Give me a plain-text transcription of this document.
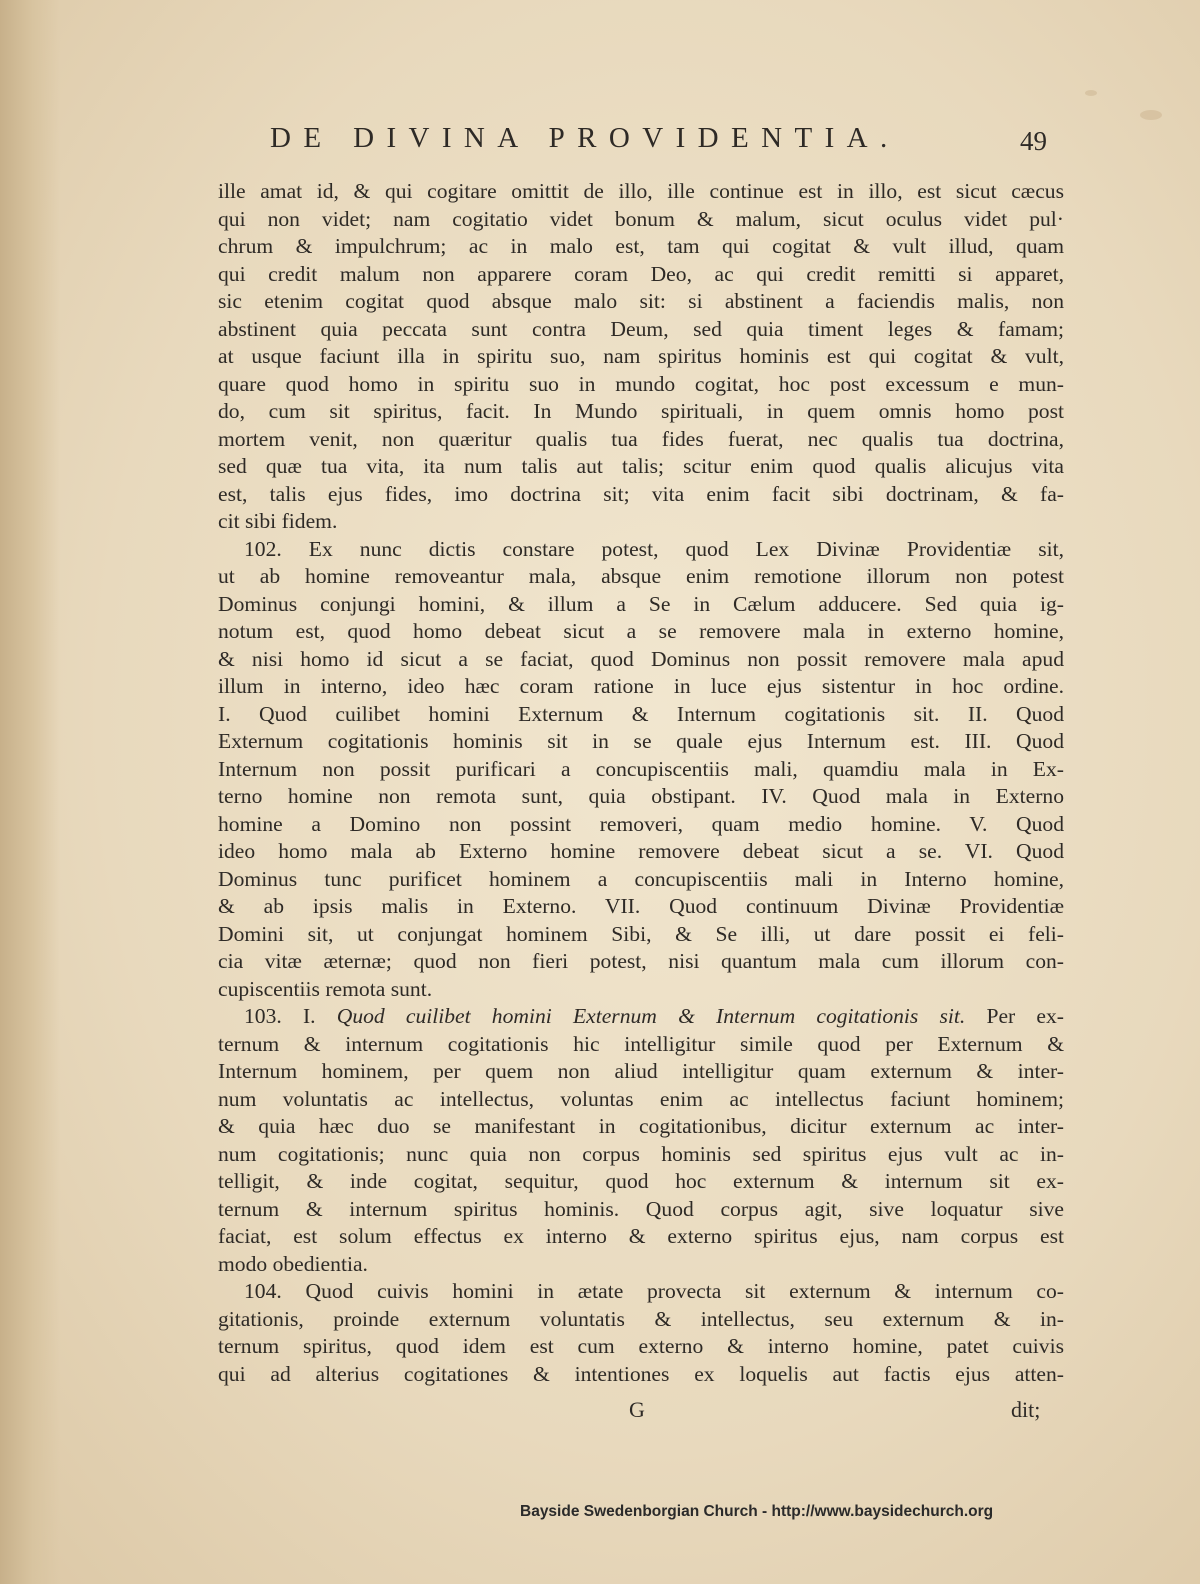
DE DIVINA PROVIDENTIA.	49
ille amat id, & qui cogitare omittit de illo, ille continue est in illo, est sicut cæcus
qui non videt; nam cogitatio videt bonum & malum, sicut oculus videt pul·
chrum & impulchrum; ac in malo est, tam qui cogitat & vult illud, quam
qui credit malum non apparere coram Deo, ac qui credit remitti si apparet,
sic etenim cogitat quod absque malo sit: si abstinent a faciendis malis, non
abstinent quia peccata sunt contra Deum, sed quia timent leges & famam;
at usque faciunt illa in spiritu suo, nam spiritus hominis est qui cogitat & vult,
quare quod homo in spiritu suo in mundo cogitat, hoc post excessum e mun-
do, cum sit spiritus, facit. In Mundo spirituali, in quem omnis homo post
mortem venit, non quæritur qualis tua fides fuerat, nec qualis tua doctrina,
sed quæ tua vita, ita num talis aut talis; scitur enim quod qualis alicujus vita
est, talis ejus fides, imo doctrina sit; vita enim facit sibi doctrinam, & fa-
cit sibi fidem.
102. Ex nunc dictis constare potest, quod Lex Divinæ Providentiæ sit,
ut ab homine removeantur mala, absque enim remotione illorum non potest
Dominus conjungi homini, & illum a Se in Cælum adducere. Sed quia ig-
notum est, quod homo debeat sicut a se removere mala in externo homine,
& nisi homo id sicut a se faciat, quod Dominus non possit removere mala apud
illum in interno, ideo hæc coram ratione in luce ejus sistentur in hoc ordine.
I. Quod cuilibet homini Externum & Internum cogitationis sit. II. Quod
Externum cogitationis hominis sit in se quale ejus Internum est. III. Quod
Internum non possit purificari a concupiscentiis mali, quamdiu mala in Ex-
terno homine non remota sunt, quia obstipant. IV. Quod mala in Externo
homine a Domino non possint removeri, quam medio homine. V. Quod
ideo homo mala ab Externo homine removere debeat sicut a se. VI. Quod
Dominus tunc purificet hominem a concupiscentiis mali in Interno homine,
& ab ipsis malis in Externo. VII. Quod continuum Divinæ Providentiæ
Domini sit, ut conjungat hominem Sibi, & Se illi, ut dare possit ei feli-
cia vitæ æternæ; quod non fieri potest, nisi quantum mala cum illorum con-
cupiscentiis remota sunt.
103. I. Quod cuilibet homini Externum & Internum cogitationis sit. Per ex-
ternum & internum cogitationis hic intelligitur simile quod per Externum &
Internum hominem, per quem non aliud intelligitur quam externum & inter-
num voluntatis ac intellectus, voluntas enim ac intellectus faciunt hominem;
& quia hæc duo se manifestant in cogitationibus, dicitur externum ac inter-
num cogitationis; nunc quia non corpus hominis sed spiritus ejus vult ac in-
telligit, & inde cogitat, sequitur, quod hoc externum & internum sit ex-
ternum & internum spiritus hominis. Quod corpus agit, sive loquatur sive
faciat, est solum effectus ex interno & externo spiritus ejus, nam corpus est
modo obedientia.
104. Quod cuivis homini in ætate provecta sit externum & internum co-
gitationis, proinde externum voluntatis & intellectus, seu externum & in-
ternum spiritus, quod idem est cum externo & interno homine, patet cuivis
qui ad alterius cogitationes & intentiones ex loquelis aut factis ejus atten-
G	dit;
Bayside Swedenborgian Church - http://www.baysidechurch.org
